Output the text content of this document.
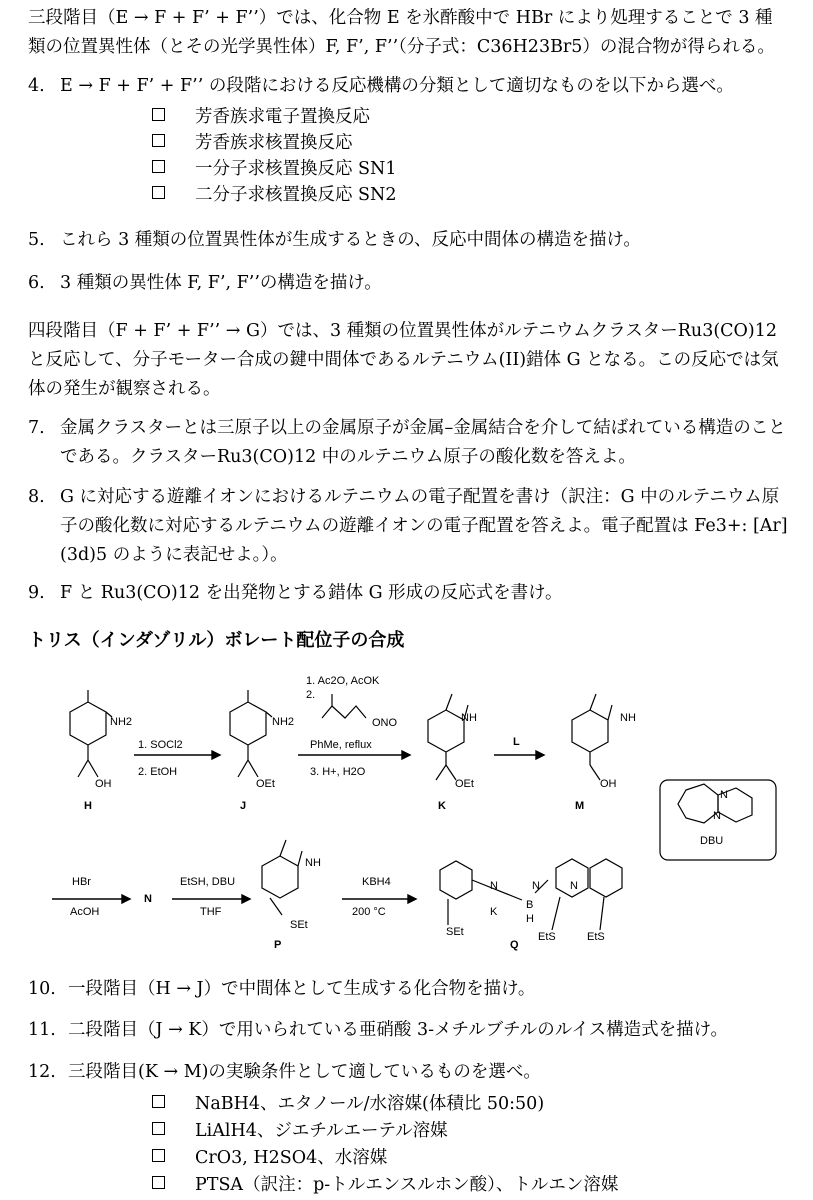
三段階目（E → F + F’ + F’’）では、化合物 E を氷酢酸中で HBr により処理することで 3 種類の位置異性体（とその光学異性体）F, F’, F’’（分子式：C36H23Br5）の混合物が得られる。
4. E → F + F’ + F’’ の段階における反応機構の分類として適切なものを以下から選べ。
芳香族求電子置換反応
芳香族求核置換反応
一分子求核置換反応 SN1
二分子求核置換反応 SN2
5. これら 3 種類の位置異性体が生成するときの、反応中間体の構造を描け。
6. 3 種類の異性体 F, F’, F’’の構造を描け。
四段階目（F + F’ + F’’ → G）では、3 種類の位置異性体がルテニウムクラスターRu3(CO)12と反応して、分子モーター合成の鍵中間体であるルテニウム(II)錯体 G となる。この反応では気体の発生が観察される。
7. 金属クラスターとは三原子以上の金属原子が金属–金属結合を介して結ばれている構造のことである。クラスターRu3(CO)12 中のルテニウム原子の酸化数を答えよ。
8. G に対応する遊離イオンにおけるルテニウムの電子配置を書け（訳注：G 中のルテニウム原子の酸化数に対応するルテニウムの遊離イオンの電子配置を答えよ。電子配置は Fe3+: [Ar](3d)5 のように表記せよ。）。
9. F と Ru3(CO)12 を出発物とする錯体 G 形成の反応式を書け。
トリス（インダゾリル）ボレート配位子の合成
NH2
OH
H
NH2
OEt
J
1. SOCl2
2. EtOH
1. Ac2O, AcOK
2.
ONO
PhMe, reflux
3. H+, H2O
NH
OEt
K
L
NH
OH
M
DBU
N
N
HBr
AcOH
N
EtSH, DBU
THF
NH
SEt
P
KBH4
200 °C
SEt
N
B
H
K
N	N
EtS	EtS
Q
10. 一段階目（H → J）で中間体として生成する化合物を描け。
11. 二段階目（J → K）で用いられている亜硝酸 3-メチルブチルのルイス構造式を描け。
12. 三段階目(K → M)の実験条件として適しているものを選べ。
NaBH4、エタノール/水溶媒(体積比 50:50)
LiAlH4、ジエチルエーテル溶媒
CrO3, H2SO4、水溶媒
PTSA（訳注：p-トルエンスルホン酸）、トルエン溶媒
